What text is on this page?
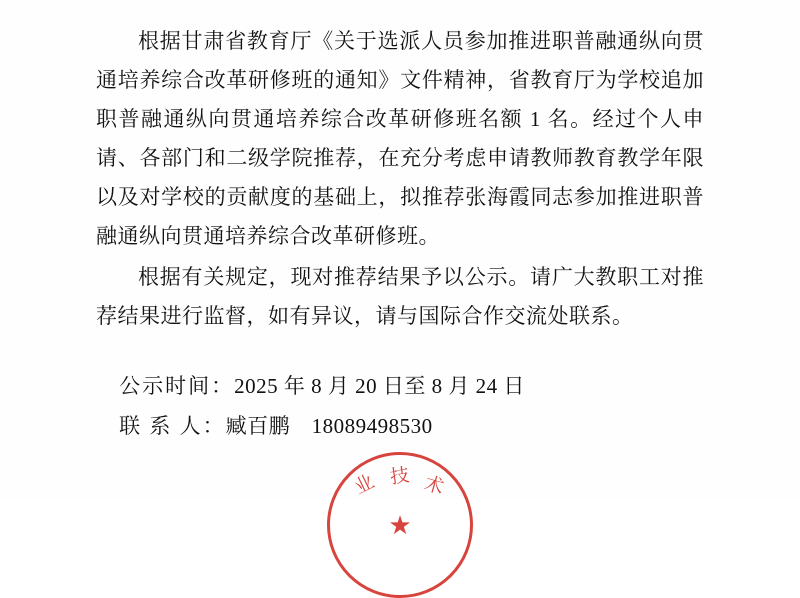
根据甘肃省教育厅《关于选派人员参加推进职普融通纵向贯通培养综合改革研修班的通知》文件精神，省教育厅为学校追加职普融通纵向贯通培养综合改革研修班名额 1 名。经过个人申请、各部门和二级学院推荐，在充分考虑申请教师教育教学年限以及对学校的贡献度的基础上，拟推荐张海霞同志参加推进职普融通纵向贯通培养综合改革研修班。

根据有关规定，现对推荐结果予以公示。请广大教职工对推荐结果进行监督，如有异议，请与国际合作交流处联系。

公示时间：2025 年 8 月 20 日至 8 月 24 日
联 系 人：臧百鹏　18089498530
业 技 术
★
